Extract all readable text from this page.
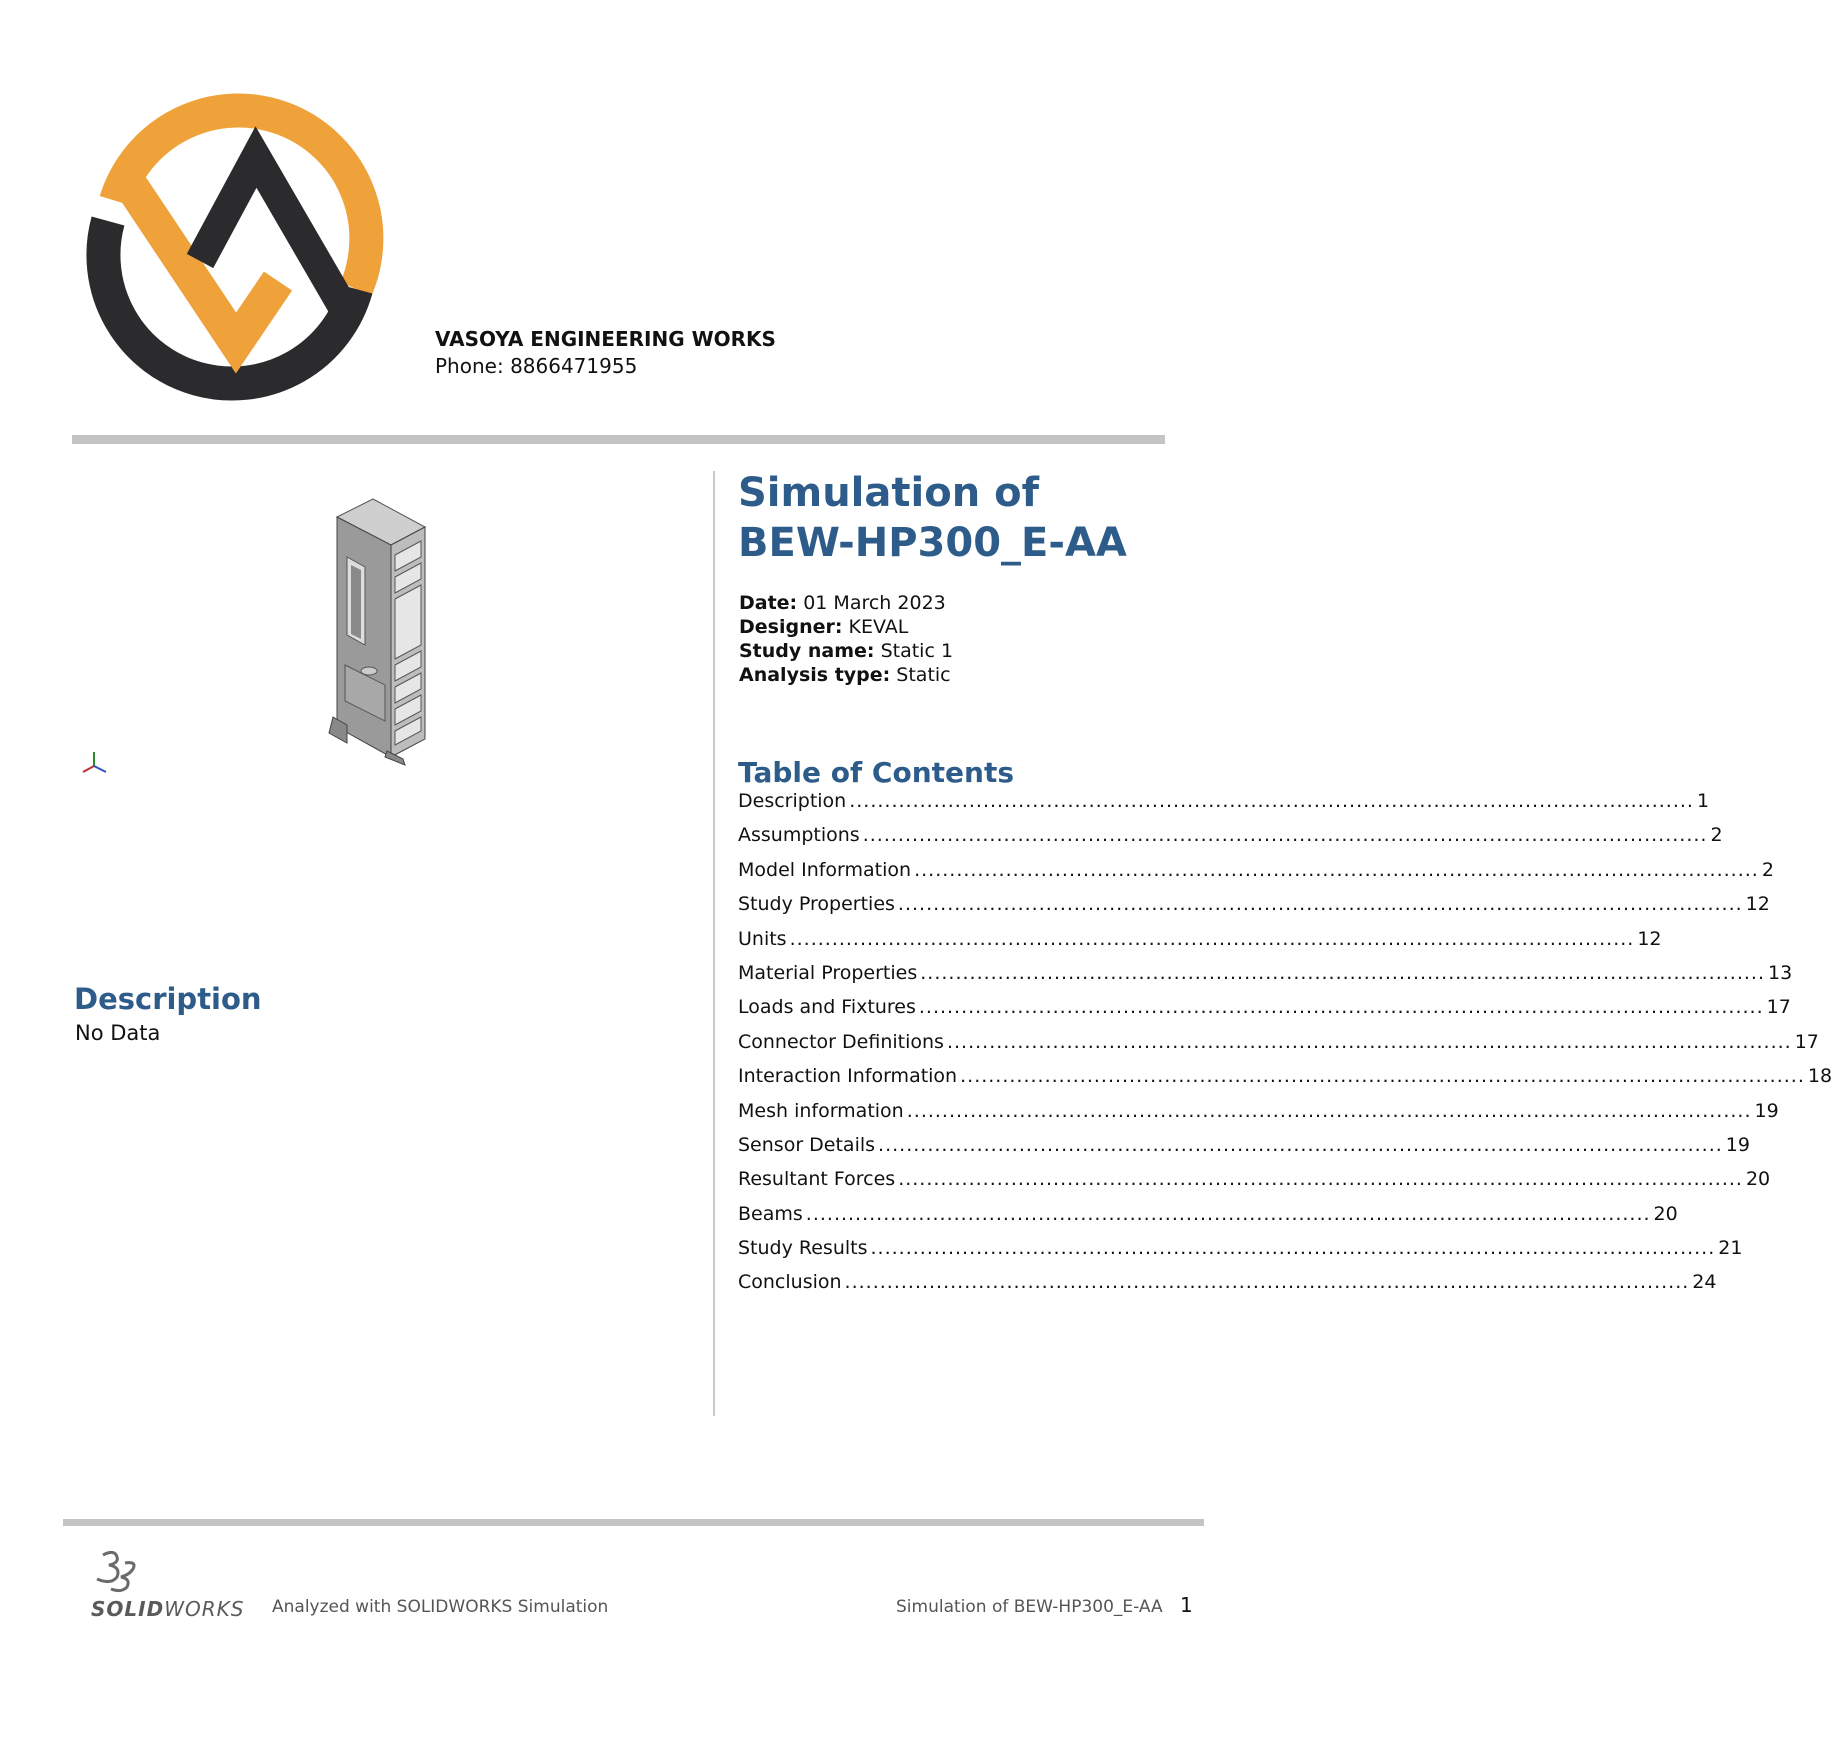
VASOYA ENGINEERING WORKS
Phone: 8866471955
Description
No Data
Simulation of BEW-HP300_E-AA
Date: 01 March 2023
Designer: KEVAL
Study name: Static 1
Analysis type: Static
Table of Contents
Description ........................................................................................................................ 1
Assumptions ........................................................................................................................ 2
Model Information ........................................................................................................................ 2
Study Properties ........................................................................................................................ 12
Units ........................................................................................................................ 12
Material Properties ........................................................................................................................ 13
Loads and Fixtures ........................................................................................................................ 17
Connector Definitions ........................................................................................................................ 17
Interaction Information ........................................................................................................................ 18
Mesh information ........................................................................................................................ 19
Sensor Details ........................................................................................................................ 19
Resultant Forces ........................................................................................................................ 20
Beams ........................................................................................................................ 20
Study Results ........................................................................................................................ 21
Conclusion ........................................................................................................................ 24
SOLIDWORKS Analyzed with SOLIDWORKS Simulation	Simulation of BEW-HP300_E-AA 1
